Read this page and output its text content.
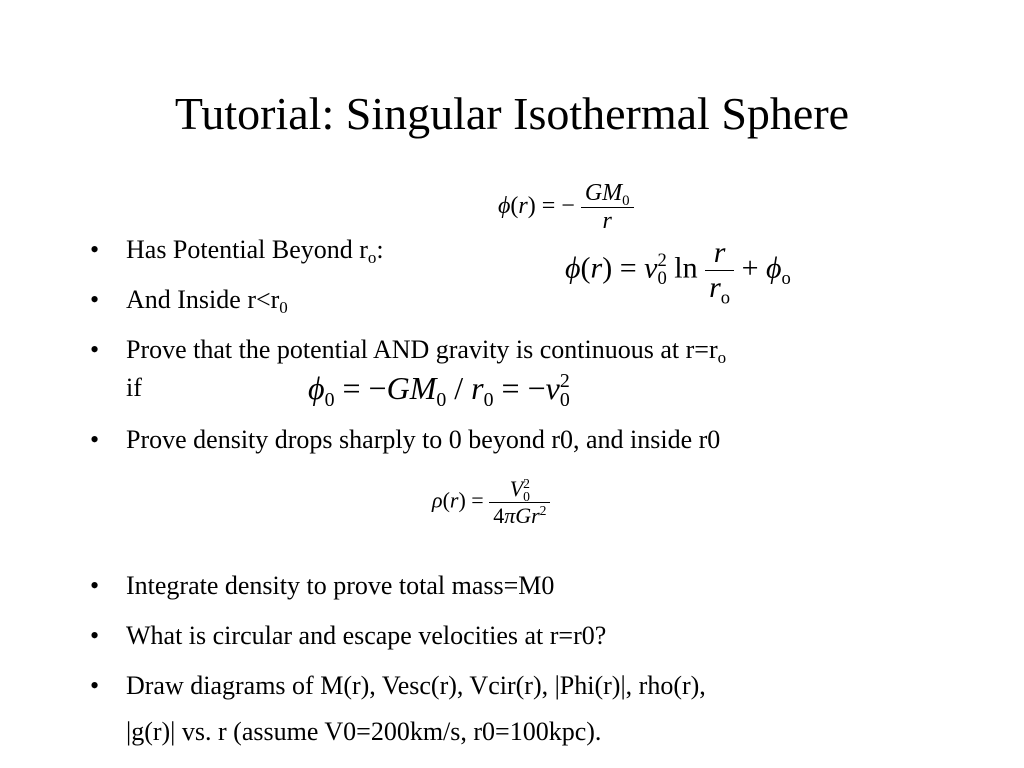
Tutorial: Singular Isothermal Sphere
•	Has Potential Beyond $r_o$:
•	And Inside $r<r_0$
•	Prove that the potential AND gravity is continuous at $r=r_o$
if
•	Prove density drops sharply to 0 beyond r0, and inside r0
•	Integrate density to prove total mass=M0
•	What is circular and escape velocities at r=r0?
•	Draw diagrams of M(r), Vesc(r), Vcir(r), |Phi(r)|, rho(r),
|g(r)| vs. r (assume V0=200km/s, r0=100kpc).
ϕ(r) = − $\frac{GM_0}{r}$
$\phi(r) = v_0^2$ $\ln \frac{r}{r_o} + \phi_o$
$\phi_0 = -GM_0 / r_0 = -v_0^2$
$\rho(r) = \frac{V_0^2}{4\pi Gr^2}$
